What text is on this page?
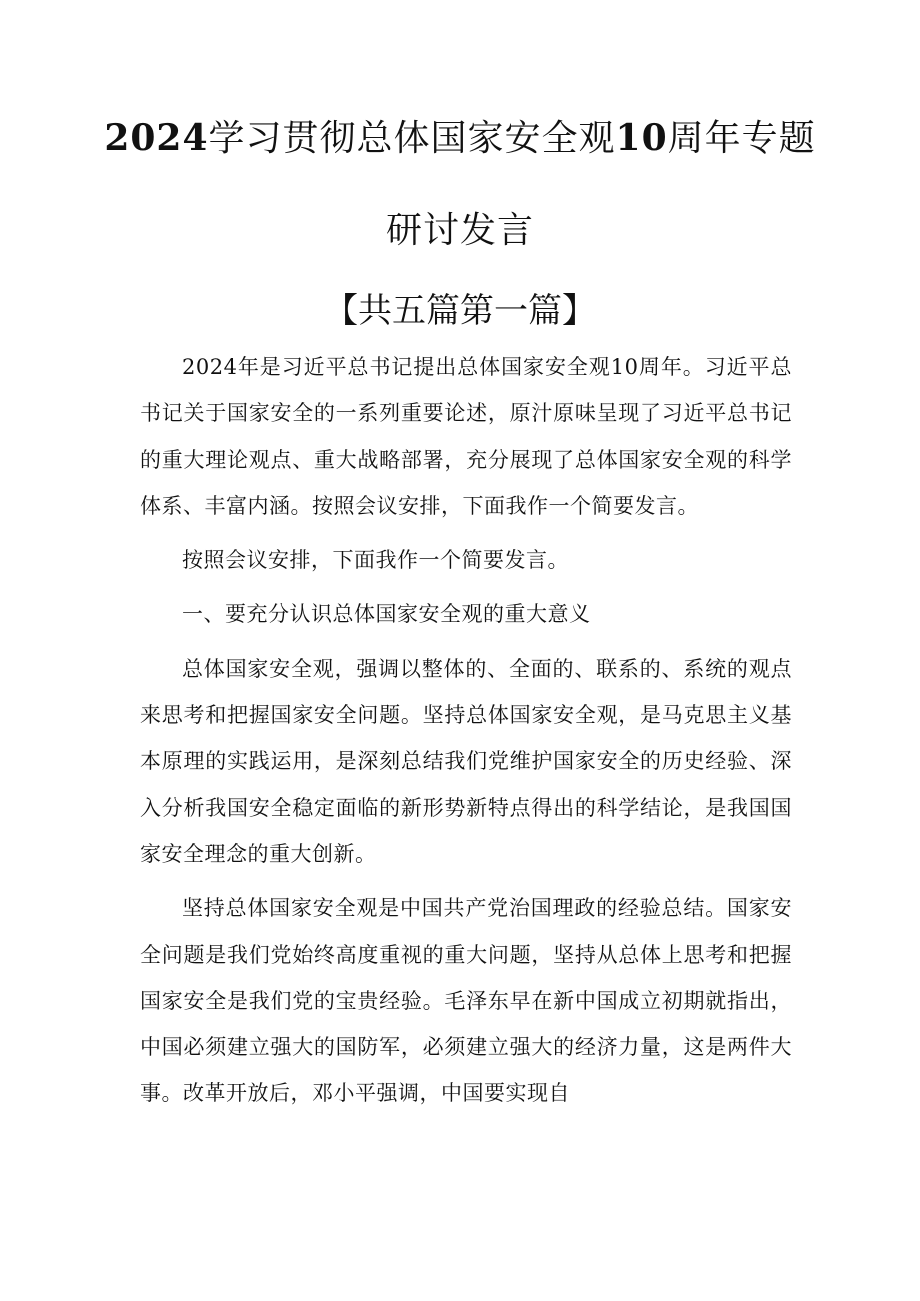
2024学习贯彻总体国家安全观10周年专题
研讨发言
【共五篇第一篇】

2024年是习近平总书记提出总体国家安全观10周年。习近平总书记关于国家安全的一系列重要论述，原汁原味呈现了习近平总书记的重大理论观点、重大战略部署，充分展现了总体国家安全观的科学体系、丰富内涵。按照会议安排，下面我作一个简要发言。

按照会议安排，下面我作一个简要发言。

一、要充分认识总体国家安全观的重大意义

总体国家安全观，强调以整体的、全面的、联系的、系统的观点来思考和把握国家安全问题。坚持总体国家安全观，是马克思主义基本原理的实践运用，是深刻总结我们党维护国家安全的历史经验、深入分析我国安全稳定面临的新形势新特点得出的科学结论，是我国国家安全理念的重大创新。

坚持总体国家安全观是中国共产党治国理政的经验总结。国家安全问题是我们党始终高度重视的重大问题，坚持从总体上思考和把握国家安全是我们党的宝贵经验。毛泽东早在新中国成立初期就指出，中国必须建立强大的国防军，必须建立强大的经济力量，这是两件大事。改革开放后，邓小平强调，中国要实现自
